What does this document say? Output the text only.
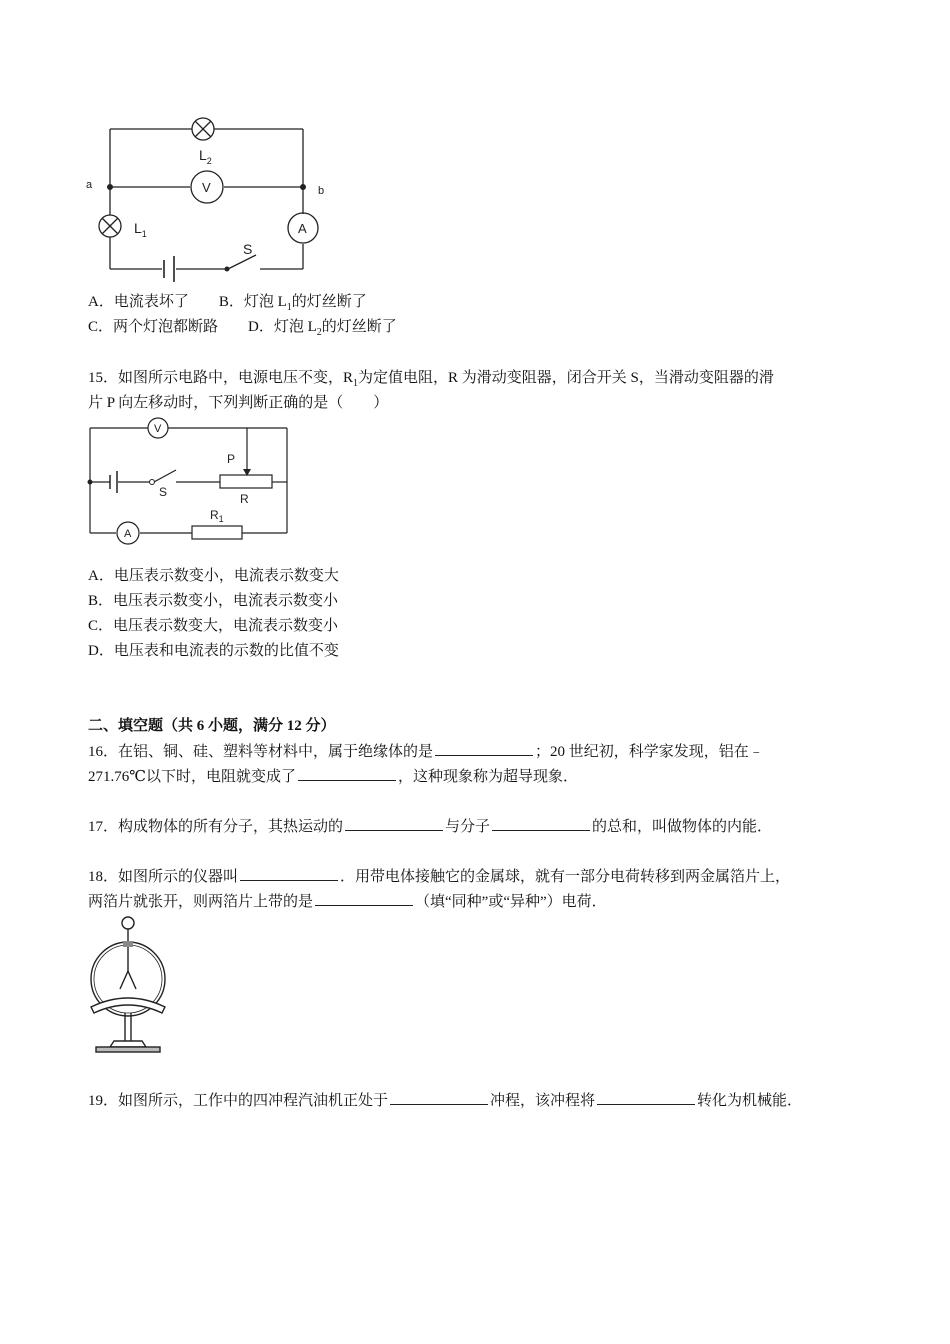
a	b
$L_2$
$L_1$
V
A
S
A．电流表坏了　　 B．灯泡 $L_1$的灯丝断了
C．两个灯泡都断路　　 D．灯泡 $L_2$的灯丝断了
15．如图所示电路中，电源电压不变，$R_1$为定值电阻，R 为滑动变阻器，闭合开关 S，当滑动变阻器的滑
片 P 向左移动时，下列判断正确的是（　　）
V
A
S
P
R
$R_1$
A．电压表示数变小，电流表示数变大
B．电压表示数变小，电流表示数变小
C．电压表示数变大，电流表示数变小
D．电压表和电流表的示数的比值不变
二、填空题（共 6 小题，满分 12 分）
16．在铝、铜、硅、塑料等材料中，属于绝缘体的是	；20 世纪初，科学家发现，铝在﹣
271.76℃以下时，电阻就变成了	，这种现象称为超导现象．
17．构成物体的所有分子，其热运动的	与分子	的总和，叫做物体的内能．
18．如图所示的仪器叫	．用带电体接触它的金属球，就有一部分电荷转移到两金属箔片上，
两箔片就张开，则两箔片上带的是	（填“同种”或“异种”）电荷．
19．如图所示，工作中的四冲程汽油机正处于	冲程，该冲程将	转化为机械能．
